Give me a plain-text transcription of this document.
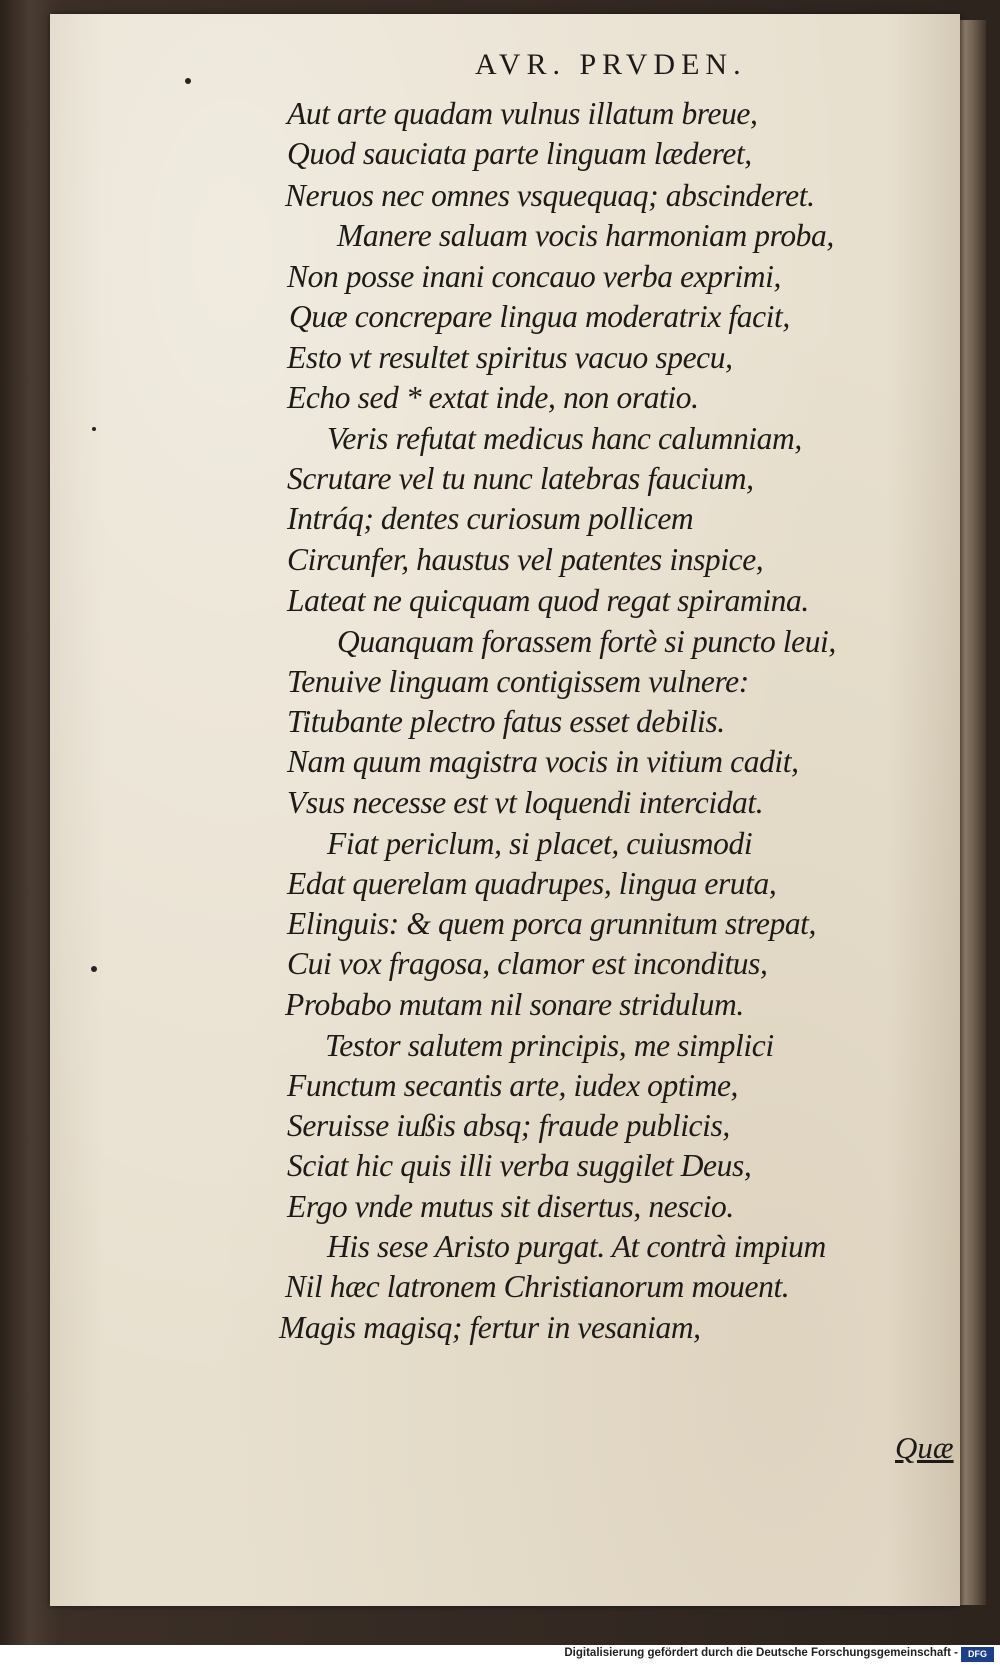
AVR. PRVDEN.
Aut arte quadam vulnus illatum breue,
Quod sauciata parte linguam læderet,
Neruos nec omnes vsquequaq; abscinderet.
Manere saluam vocis harmoniam proba,
Non posse inani concauo verba exprimi,
Quæ concrepare lingua moderatrix facit,
Esto vt resultet spiritus vacuo specu,
Echo sed * extat inde, non oratio.
Veris refutat medicus hanc calumniam,
Scrutare vel tu nunc latebras faucium,
Intráq; dentes curiosum pollicem
Circunfer, haustus vel patentes inspice,
Lateat ne quicquam quod regat spiramina.
Quanquam forassem fortè si puncto leui,
Tenuive linguam contigissem vulnere:
Titubante plectro fatus esset debilis.
Nam quum magistra vocis in vitium cadit,
Vsus necesse est vt loquendi intercidat.
Fiat periclum, si placet, cuiusmodi
Edat querelam quadrupes, lingua eruta,
Elinguis: & quem porca grunnitum strepat,
Cui vox fragosa, clamor est inconditus,
Probabo mutam nil sonare stridulum.
Testor salutem principis, me simplici
Functum secantis arte, iudex optime,
Seruisse iußis absq; fraude publicis,
Sciat hic quis illi verba suggilet Deus,
Ergo vnde mutus sit disertus, nescio.
His sese Aristo purgat. At contrà impium
Nil hæc latronem Christianorum mouent.
Magis magisq; fertur in vesaniam,
Quæ
Digitalisierung gefördert durch die Deutsche Forschungsgemeinschaft -	DFG
